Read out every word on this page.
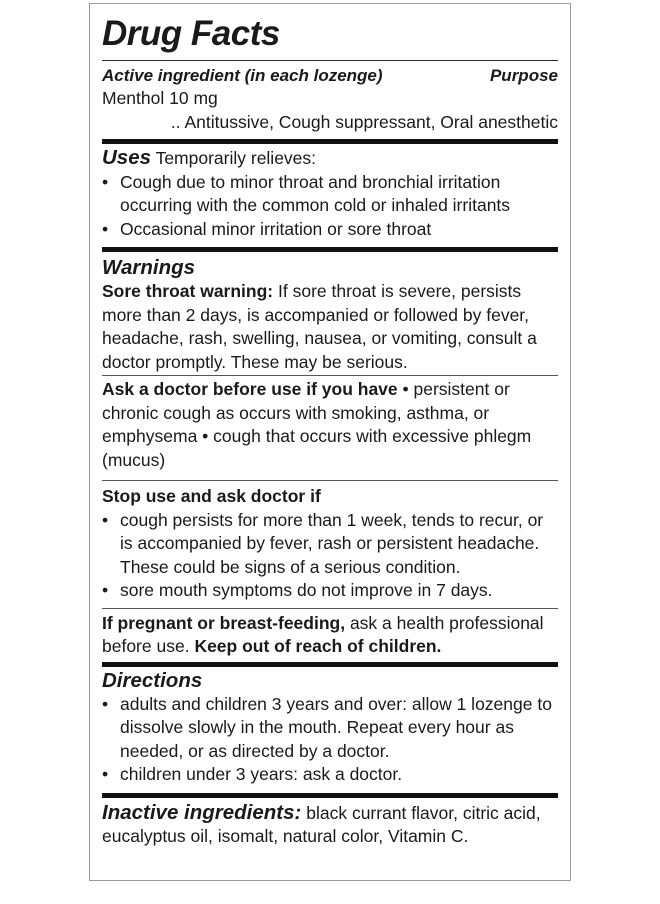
Drug Facts
Active ingredient (in each lozenge)	Purpose
Menthol 10 mg
.. Antitussive, Cough suppressant, Oral anesthetic
Uses Temporarily relieves:
• Cough due to minor throat and bronchial irritation occurring with the common cold or inhaled irritants
• Occasional minor irritation or sore throat
Warnings
Sore throat warning: If sore throat is severe, persists more than 2 days, is accompanied or followed by fever, headache, rash, swelling, nausea, or vomiting, consult a doctor promptly. These may be serious.
Ask a doctor before use if you have • persistent or chronic cough as occurs with smoking, asthma, or emphysema • cough that occurs with excessive phlegm (mucus)
Stop use and ask doctor if
• cough persists for more than 1 week, tends to recur, or is accompanied by fever, rash or persistent headache. These could be signs of a serious condition.
• sore mouth symptoms do not improve in 7 days.
If pregnant or breast-feeding, ask a health professional before use. Keep out of reach of children.
Directions
• adults and children 3 years and over: allow 1 lozenge to dissolve slowly in the mouth. Repeat every hour as needed, or as directed by a doctor.
• children under 3 years: ask a doctor.
Inactive ingredients: black currant flavor, citric acid, eucalyptus oil, isomalt, natural color, Vitamin C.
